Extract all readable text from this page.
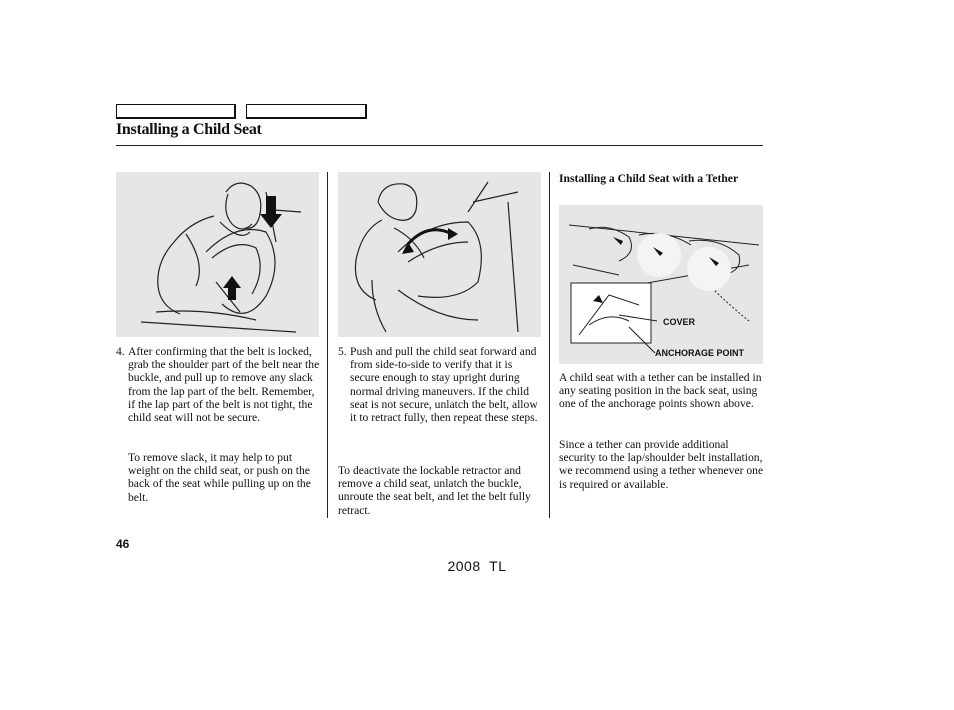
Installing a Child Seat
4. After confirming that the belt is locked, grab the shoulder part of the belt near the buckle, and pull up to remove any slack from the lap part of the belt. Remember, if the lap part of the belt is not tight, the child seat will not be secure.
To remove slack, it may help to put weight on the child seat, or push on the back of the seat while pulling up on the belt.
5. Push and pull the child seat forward and from side-to-side to verify that it is secure enough to stay upright during normal driving maneuvers. If the child seat is not secure, unlatch the belt, allow it to retract fully, then repeat these steps.
To deactivate the lockable retractor and remove a child seat, unlatch the buckle, unroute the seat belt, and let the belt fully retract.
Installing a Child Seat with a Tether
COVER
ANCHORAGE POINT
A child seat with a tether can be installed in any seating position in the back seat, using one of the anchorage points shown above.
Since a tether can provide additional security to the lap/shoulder belt installation, we recommend using a tether whenever one is required or available.
46
2008  TL
